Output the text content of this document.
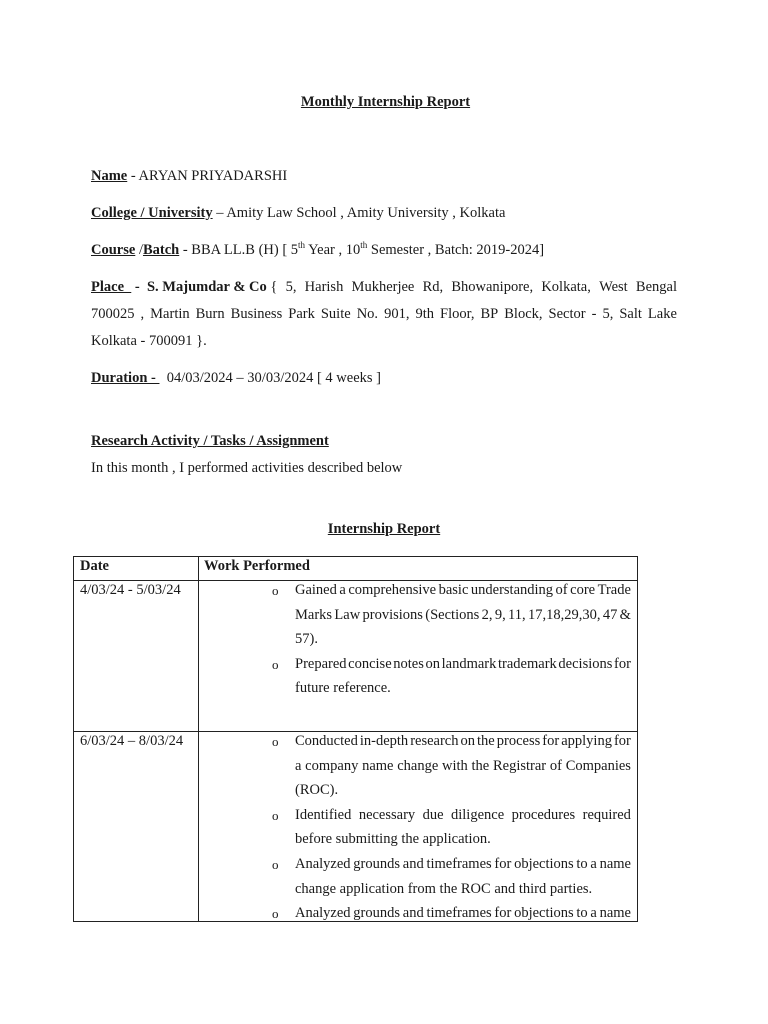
Monthly Internship Report
Name - ARYAN PRIYADARSHI
College / University – Amity Law School , Amity University , Kolkata
Course /Batch - BBA LL.B (H) [ 5th Year , 10th Semester , Batch: 2019-2024]
Place   -  S. Majumdar & Co { 5, Harish Mukherjee Rd, Bhowanipore, Kolkata, West Bengal
700025 , Martin Burn Business Park Suite No. 901, 9th Floor, BP Block, Sector - 5, Salt Lake
Kolkata - 700091 }.
Duration -   04/03/2024 – 30/03/2024 [ 4 weeks ]
Research Activity / Tasks / Assignment
In this month , I performed activities described below
Internship Report
Date	Work Performed
4/03/24 - 5/03/24	o Gained a comprehensive basic understanding of core Trade
Marks Law provisions (Sections 2, 9, 11, 17,18,29,30, 47 &
57).
o Prepared concise notes on landmark trademark decisions for
future reference.
6/03/24 – 8/03/24	o Conducted in-depth research on the process for applying for
a company name change with the Registrar of Companies
(ROC).
o Identified necessary due diligence procedures required
before submitting the application.
o Analyzed grounds and timeframes for objections to a name
change application from the ROC and third parties.
o Analyzed grounds and timeframes for objections to a name
